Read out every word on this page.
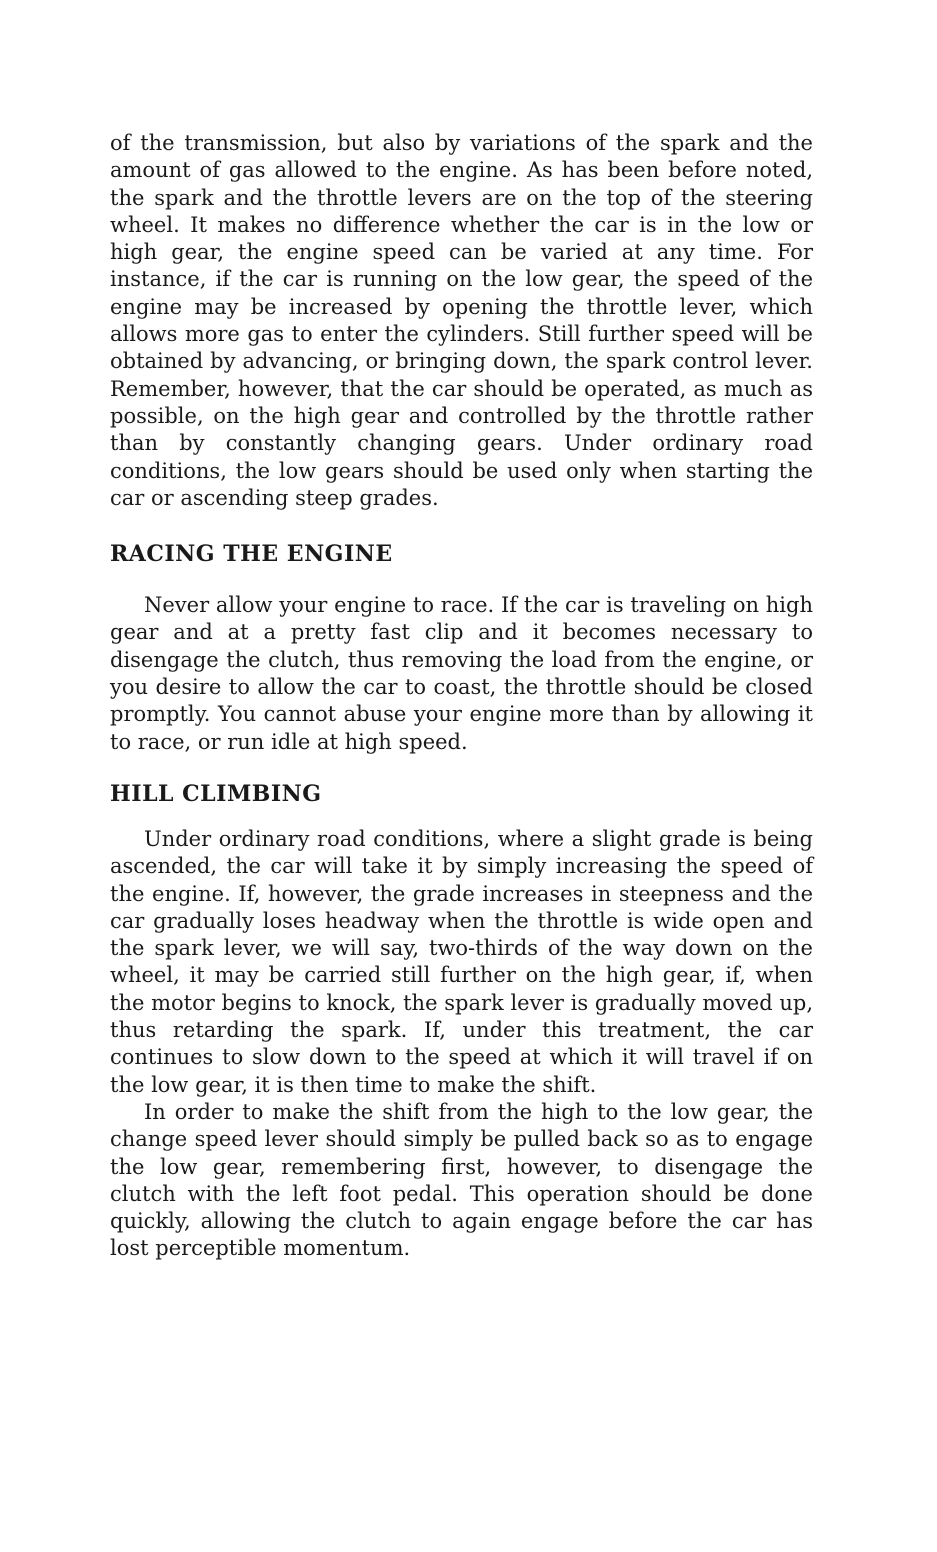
of the transmission, but also by variations of the spark and the amount of gas allowed to the engine. As has been before noted, the spark and the throttle levers are on the top of the steering wheel. It makes no difference whether the car is in the low or high gear, the engine speed can be varied at any time. For instance, if the car is running on the low gear, the speed of the engine may be increased by opening the throttle lever, which allows more gas to enter the cylinders. Still further speed will be obtained by advancing, or bringing down, the spark control lever. Remember, however, that the car should be operated, as much as possible, on the high gear and controlled by the throttle rather than by constantly changing gears. Under ordinary road conditions, the low gears should be used only when starting the car or ascending steep grades.

RACING THE ENGINE

Never allow your engine to race. If the car is traveling on high gear and at a pretty fast clip and it becomes necessary to disengage the clutch, thus removing the load from the engine, or you desire to allow the car to coast, the throttle should be closed promptly. You cannot abuse your engine more than by allowing it to race, or run idle at high speed.

HILL CLIMBING

Under ordinary road conditions, where a slight grade is being ascended, the car will take it by simply increasing the speed of the engine. If, however, the grade increases in steepness and the car gradually loses headway when the throttle is wide open and the spark lever, we will say, two-thirds of the way down on the wheel, it may be carried still further on the high gear, if, when the motor begins to knock, the spark lever is gradually moved up, thus retarding the spark. If, under this treatment, the car continues to slow down to the speed at which it will travel if on the low gear, it is then time to make the shift.

In order to make the shift from the high to the low gear, the change speed lever should simply be pulled back so as to engage the low gear, remembering first, however, to disengage the clutch with the left foot pedal. This operation should be done quickly, allowing the clutch to again engage before the car has lost perceptible momentum.
